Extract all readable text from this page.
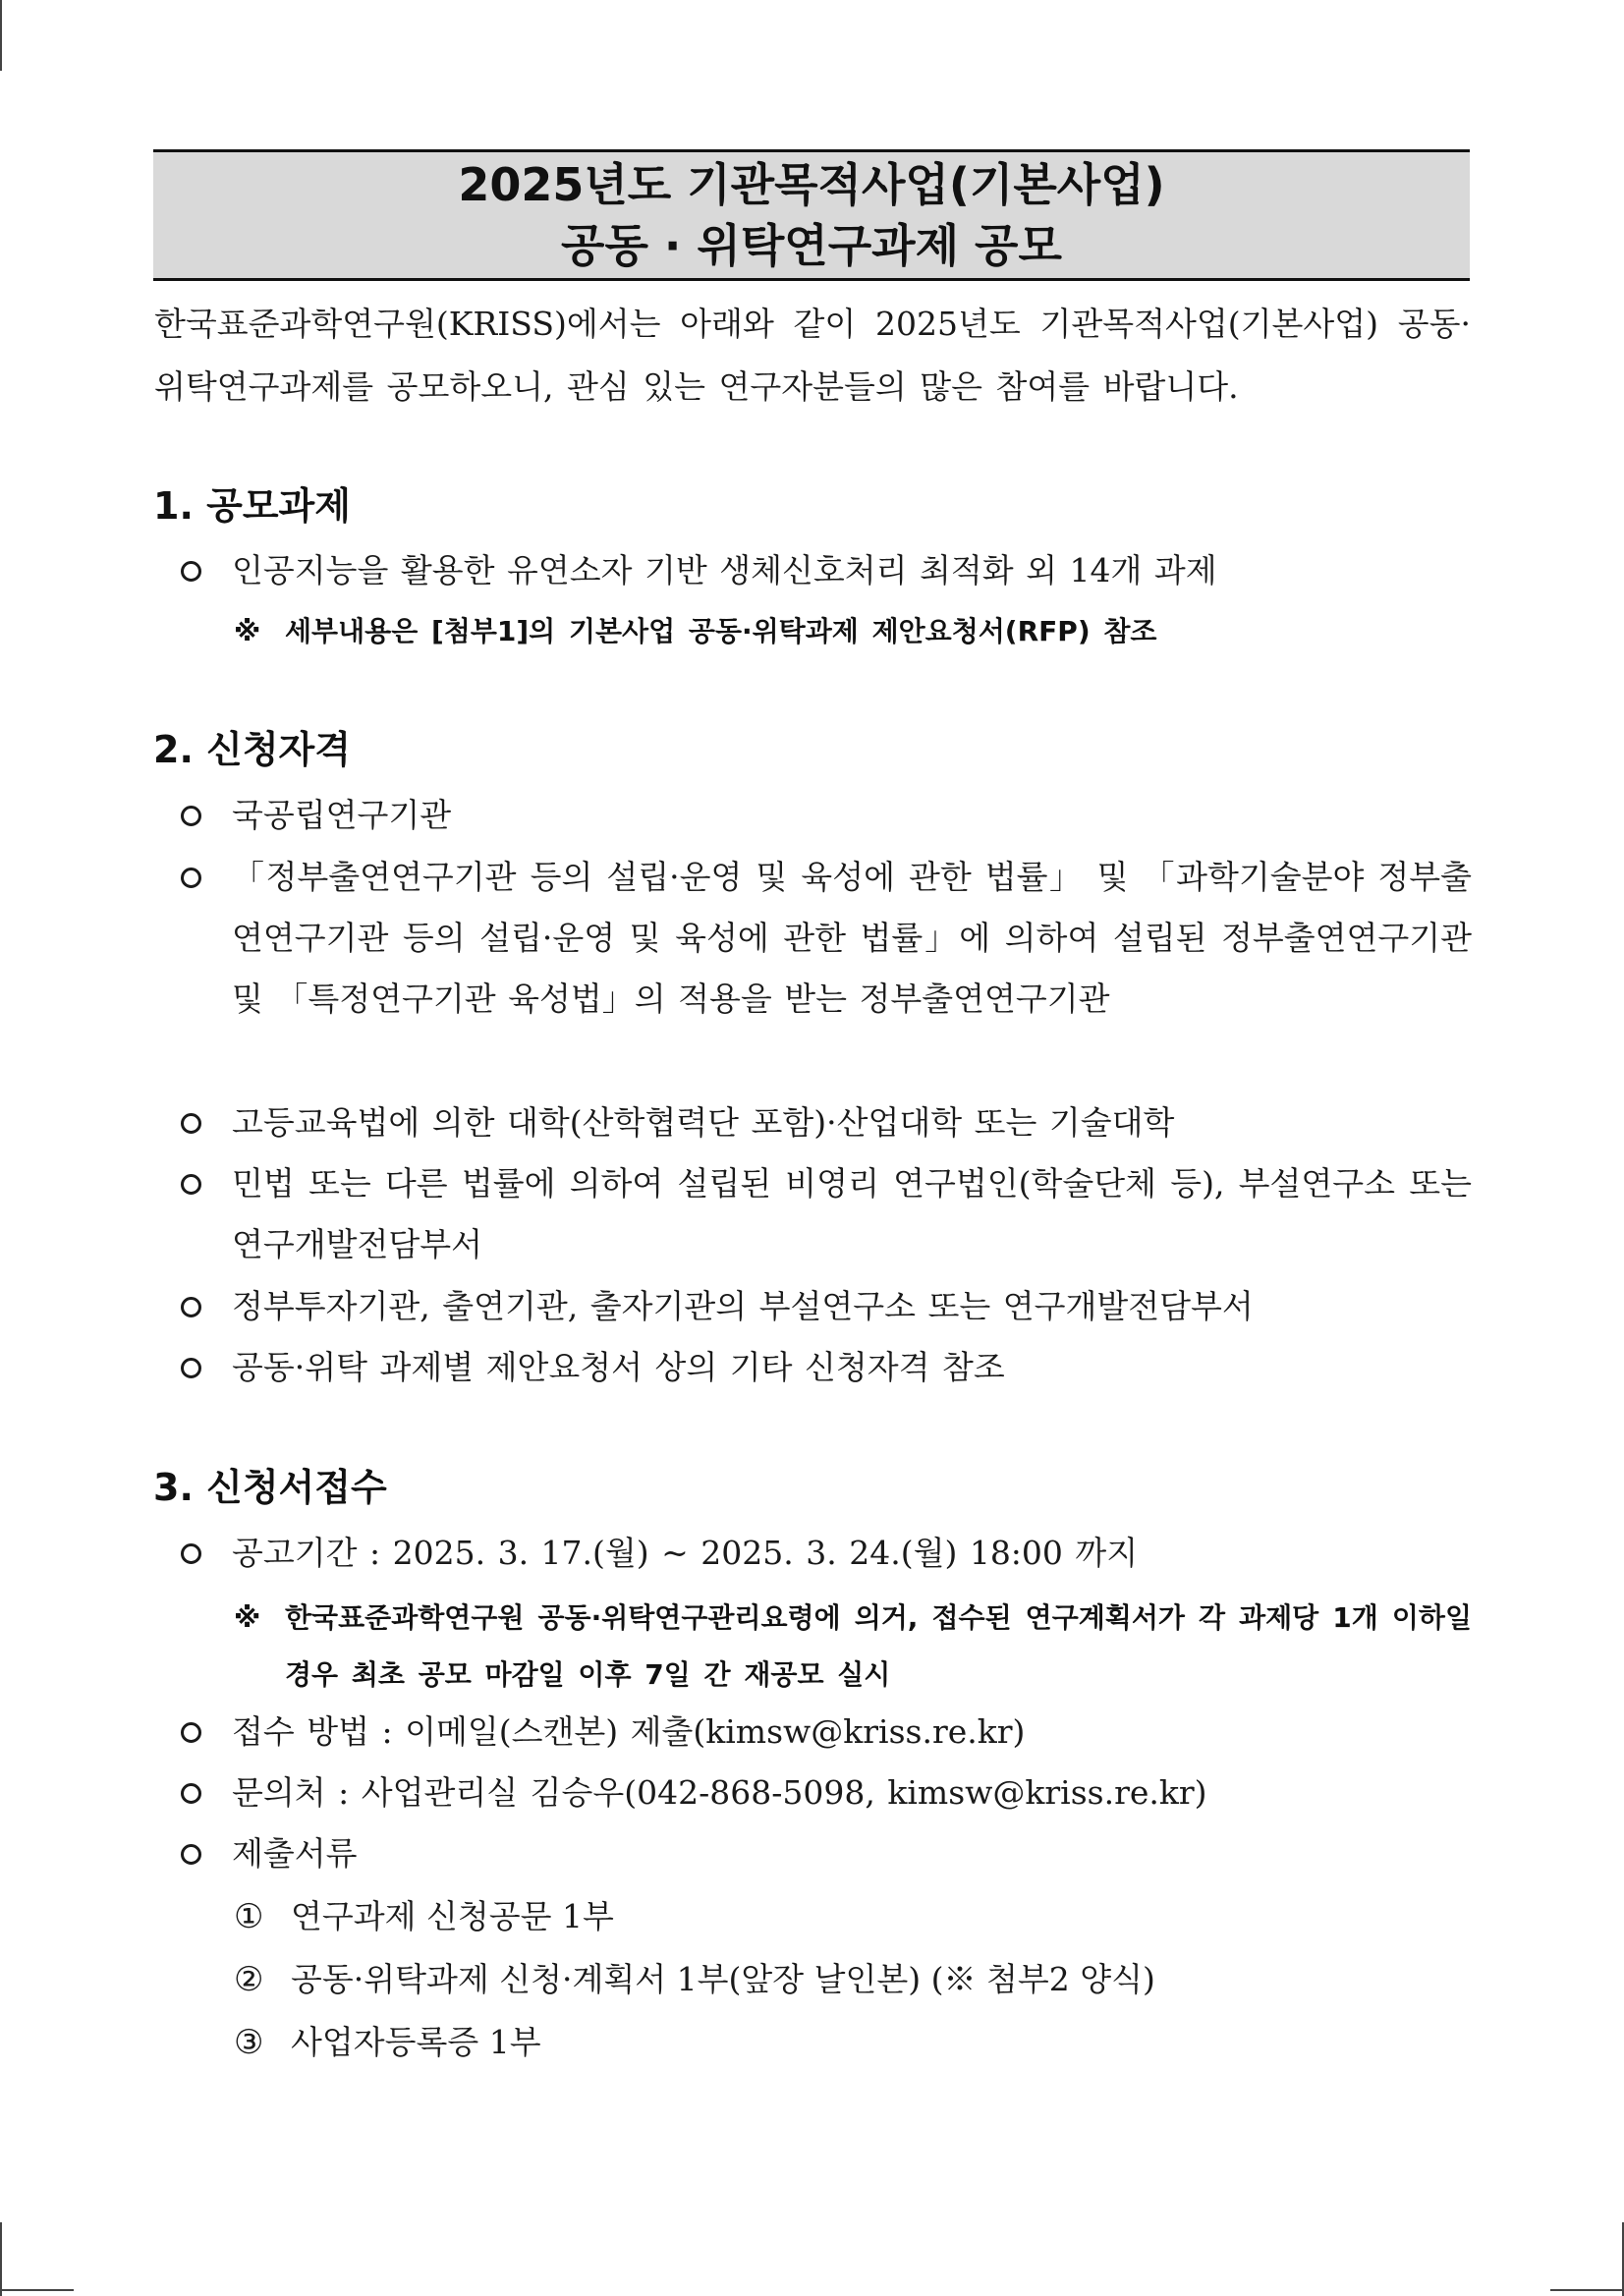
2025년도 기관목적사업(기본사업)
공동 · 위탁연구과제 공모
한국표준과학연구원(KRISS)에서는 아래와 같이 2025년도 기관목적사업(기본사업) 공동·위탁연구과제를 공모하오니, 관심 있는 연구자분들의 많은 참여를 바랍니다.
1. 공모과제
인공지능을 활용한 유연소자 기반 생체신호처리 최적화 외 14개 과제
※ 세부내용은 [첨부1]의 기본사업 공동·위탁과제 제안요청서(RFP) 참조
2. 신청자격
국공립연구기관
「정부출연연구기관 등의 설립·운영 및 육성에 관한 법률」 및 「과학기술분야 정부출연연구기관 등의 설립·운영 및 육성에 관한 법률」에 의하여 설립된 정부출연연구기관 및 「특정연구기관 육성법」의 적용을 받는 정부출연연구기관
고등교육법에 의한 대학(산학협력단 포함)·산업대학 또는 기술대학
민법 또는 다른 법률에 의하여 설립된 비영리 연구법인(학술단체 등), 부설연구소 또는 연구개발전담부서
정부투자기관, 출연기관, 출자기관의 부설연구소 또는 연구개발전담부서
공동·위탁 과제별 제안요청서 상의 기타 신청자격 참조
3. 신청서접수
공고기간 : 2025. 3. 17.(월) ~ 2025. 3. 24.(월) 18:00 까지
※ 한국표준과학연구원 공동·위탁연구관리요령에 의거, 접수된 연구계획서가 각 과제당 1개 이하일 경우 최초 공모 마감일 이후 7일 간 재공모 실시
접수 방법 : 이메일(스캔본) 제출(kimsw@kriss.re.kr)
문의처 : 사업관리실 김승우(042-868-5098, kimsw@kriss.re.kr)
제출서류
① 연구과제 신청공문 1부
② 공동·위탁과제 신청·계획서 1부(앞장 날인본) (※ 첨부2 양식)
③ 사업자등록증 1부
